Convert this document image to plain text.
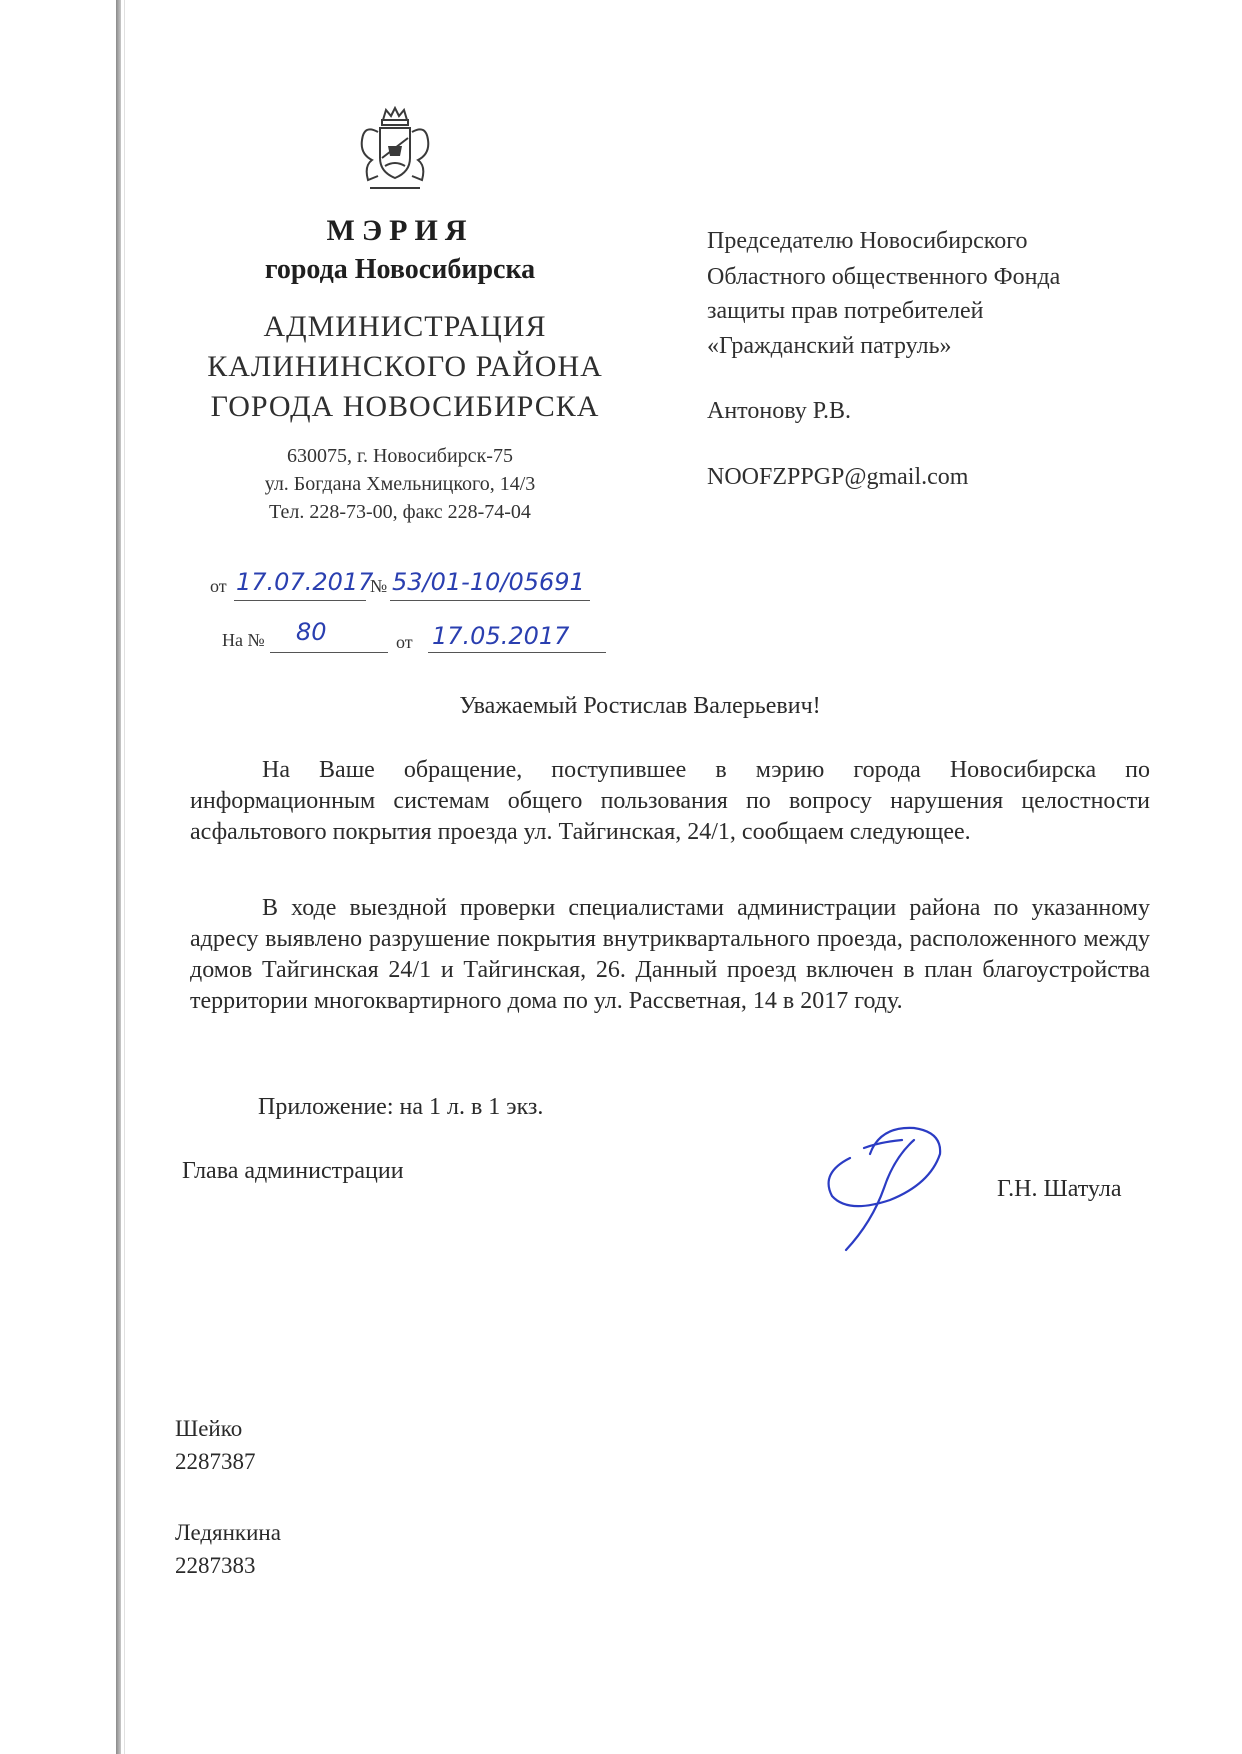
МЭРИЯ
города Новосибирска
АДМИНИСТРАЦИЯ
КАЛИНИНСКОГО РАЙОНА
ГОРОДА НОВОСИБИРСКА
630075, г. Новосибирск-75
ул. Богдана Хмельницкого, 14/3
Тел. 228-73-00, факс 228-74-04
от 17.07.2017
№ 53/01-10/05691
На № 80	от 17.05.2017
Председателю Новосибирского
Областного общественного Фонда
защиты прав потребителей
«Гражданский патруль»
Антонову Р.В.
NOOFZPPGP@gmail.com
Уважаемый Ростислав Валерьевич!

На Ваше обращение, поступившее в мэрию города Новосибирска по информационным системам общего пользования по вопросу нарушения целостности асфальтового покрытия проезда ул. Тайгинская, 24/1, сообщаем следующее.

В ходе выездной проверки специалистами администрации района по указанному адресу выявлено разрушение покрытия внутриквартального проезда, расположенного между домов Тайгинская 24/1 и Тайгинская, 26. Данный проезд включен в план благоустройства территории многоквартирного дома по ул. Рассветная, 14 в 2017 году.

Приложение: на 1 л. в 1 экз.
Глава администрации
Г.Н. Шатула
Шейко
2287387
Ледянкина
2287383
